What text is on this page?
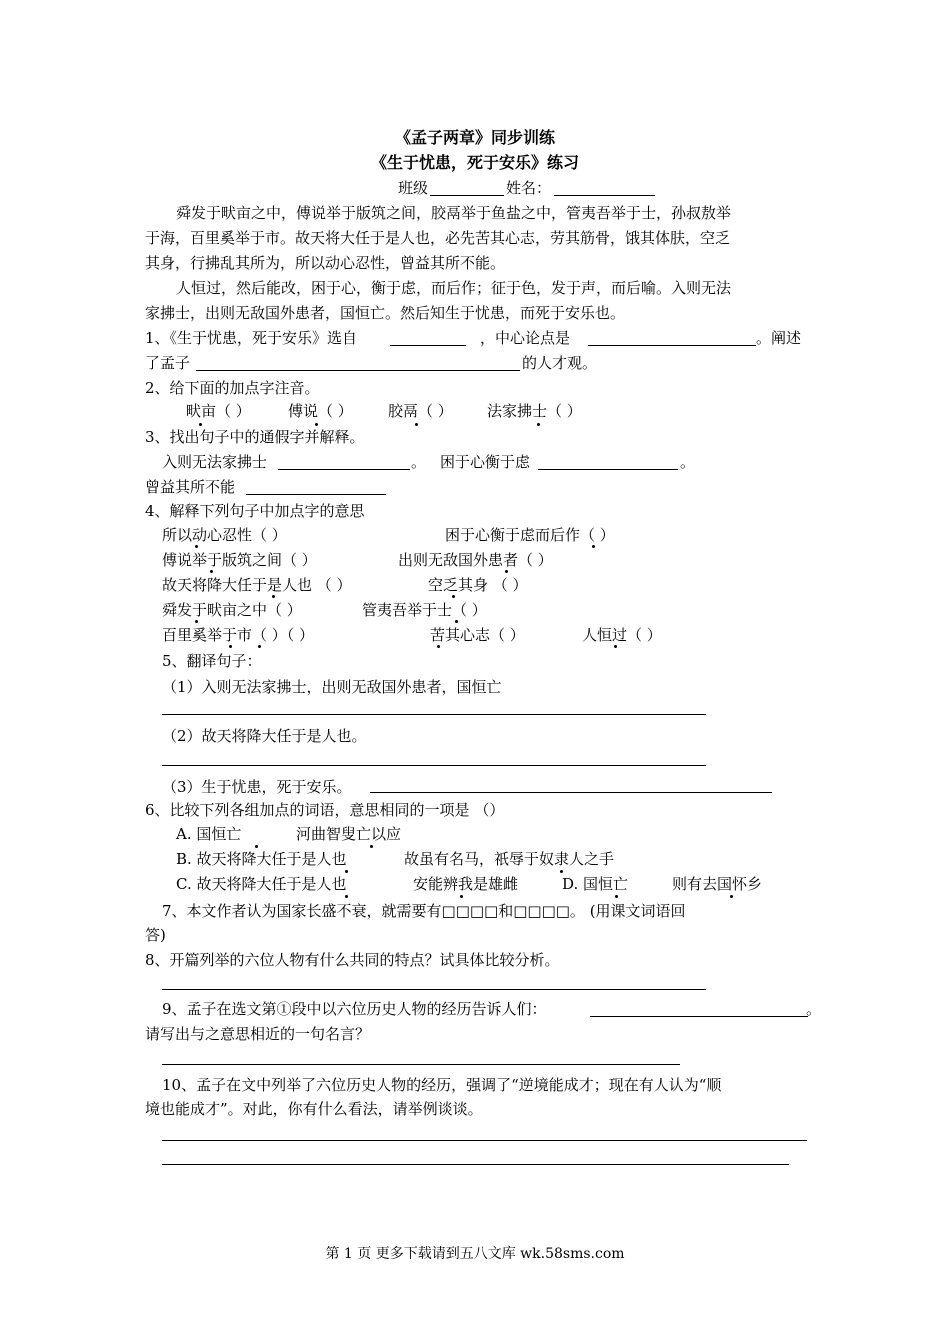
《孟子两章》同步训练
《生于忧患，死于安乐》练习
班级	姓名：
舜发于畎亩之中，傅说举于版筑之间，胶鬲举于鱼盐之中，管夷吾举于士，孙叔敖举
于海，百里奚举于市。故天将大任于是人也，必先苦其心志，劳其筋骨，饿其体肤，空乏
其身，行拂乱其所为，所以动心忍性，曾益其所不能。
人恒过，然后能改，困于心，衡于虑，而后作；征于色，发于声，而后喻。入则无法
家拂士，出则无敌国外患者，国恒亡。然后知生于忧患，而死于安乐也。
1、《生于忧患，死于安乐》选自	，中心论点是	。阐述
了孟子	的人才观。
2、给下面的加点字注音。
畎亩（ ） 傅说（ ） 胶鬲（ ） 法家拂士（ ）
3、找出句子中的通假字并解释。
入则无法家拂士	。 困于心衡于虑	。
曾益其所不能
4、解释下列句子中加点字的意思
所以动心忍性（ ）	困于心衡于虑而后作（ ）
傅说举于版筑之间（ ）	出则无敌国外患者（ ）
故天将降大任于是人也 （ ）	空乏其身 （ ）
舜发于畎亩之中（ ）	管夷吾举于士（ ）
百里奚举于市（ ）（ ）	苦其心志（ ）	人恒过（ ）
5、翻译句子：
（1）入则无法家拂士，出则无敌国外患者，国恒亡
（2）故天将降大任于是人也。
（3）生于忧患，死于安乐。
6、比较下列各组加点的词语，意思相同的一项是 （）
A. 国恒亡	河曲智叟亡以应
B. 故天将降大任于是人也	故虽有名马，祇辱于奴隶人之手
C. 故天将降大任于是人也	安能辨我是雄雌	D. 国恒亡	则有去国怀乡
7、本文作者认为国家长盛不衰，就需要有□□□□和□□□□。 (用课文词语回
答)
8、开篇列举的六位人物有什么共同的特点？试具体比较分析。
9、孟子在选文第①段中以六位历史人物的经历告诉人们：	。
请写出与之意思相近的一句名言？
10、孟子在文中列举了六位历史人物的经历，强调了“逆境能成才；现在有人认为“顺
境也能成才”。对此，你有什么看法，请举例谈谈。
第 1 页 更多下载请到五八文库 wk.58sms.com
